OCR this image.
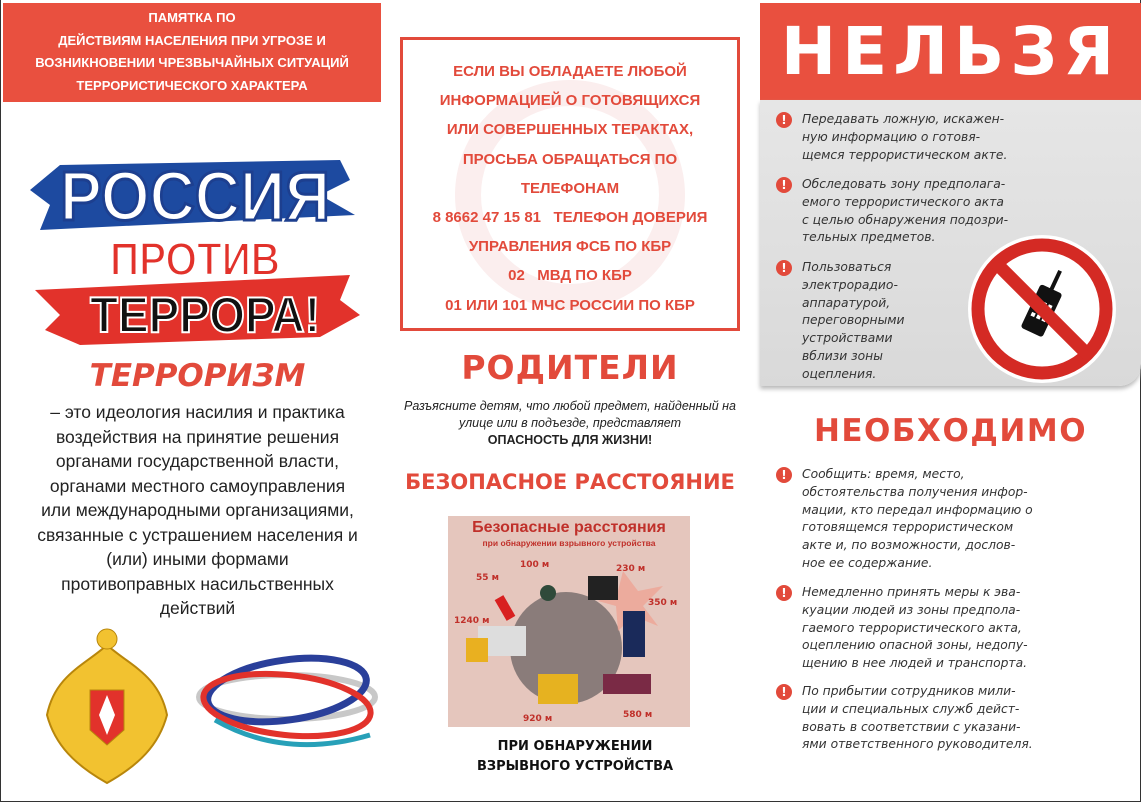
ПАМЯТКА ПО
ДЕЙСТВИЯМ НАСЕЛЕНИЯ ПРИ УГРОЗЕ И
ВОЗНИКНОВЕНИИ ЧРЕЗВЫЧАЙНЫХ СИТУАЦИЙ
ТЕРРОРИСТИЧЕСКОГО ХАРАКТЕРА
РОССИЯ
ПРОТИВ
ТЕРРОРА!
ТЕРРОРИЗМ
– это идеология насилия и практика
воздействия на принятие решения
органами государственной власти,
органами местного самоуправления
или международными организациями,
связанные с устрашением населения и
(или) иными формами
противоправных насильственных
действий
ЕСЛИ ВЫ ОБЛАДАЕТЕ ЛЮБОЙ
ИНФОРМАЦИЕЙ О ГОТОВЯЩИХСЯ
ИЛИ СОВЕРШЕННЫХ ТЕРАКТАХ,
ПРОСЬБА ОБРАЩАТЬСЯ ПО
ТЕЛЕФОНАМ
8 8662 47 15 81   ТЕЛЕФОН ДОВЕРИЯ
УПРАВЛЕНИЯ ФСБ ПО КБР
02   МВД ПО КБР
01 ИЛИ 101 МЧС РОССИИ ПО КБР
РОДИТЕЛИ
Разъясните детям, что любой предмет, найденный на
улице или в подъезде, представляет
ОПАСНОСТЬ ДЛЯ ЖИЗНИ!
БЕЗОПАСНОЕ РАССТОЯНИЕ
Безопасные расстояния
при обнаружении взрывного устройства
55 м
100 м	230 м
350 м
1240 м
920 м	580 м
ПРИ ОБНАРУЖЕНИИ
ВЗРЫВНОГО УСТРОЙСТВА
НЕЛЬЗЯ
!	Передавать ложную, искажен-
ную информацию о готовя-
щемся террористическом акте.
!	Обследовать зону предполага-
емого террористического акта
с целью обнаружения подозри-
тельных предметов.
!	Пользоваться
электрорадио-
аппаратурой,
переговорными
устройствами
вблизи зоны
оцепления.
НЕОБХОДИМО
!	Сообщить: время, место,
обстоятельства получения инфор-
мации, кто передал информацию о
готовящемся террористическом
акте и, по возможности, дослов-
ное ее содержание.
!	Немедленно принять меры к эва-
куации людей из зоны предпола-
гаемого террористического акта,
оцеплению опасной зоны, недопу-
щению в нее людей и транспорта.
!	По прибытии сотрудников мили-
ции и специальных служб дейст-
вовать в соответствии с указани-
ями ответственного руководителя.
